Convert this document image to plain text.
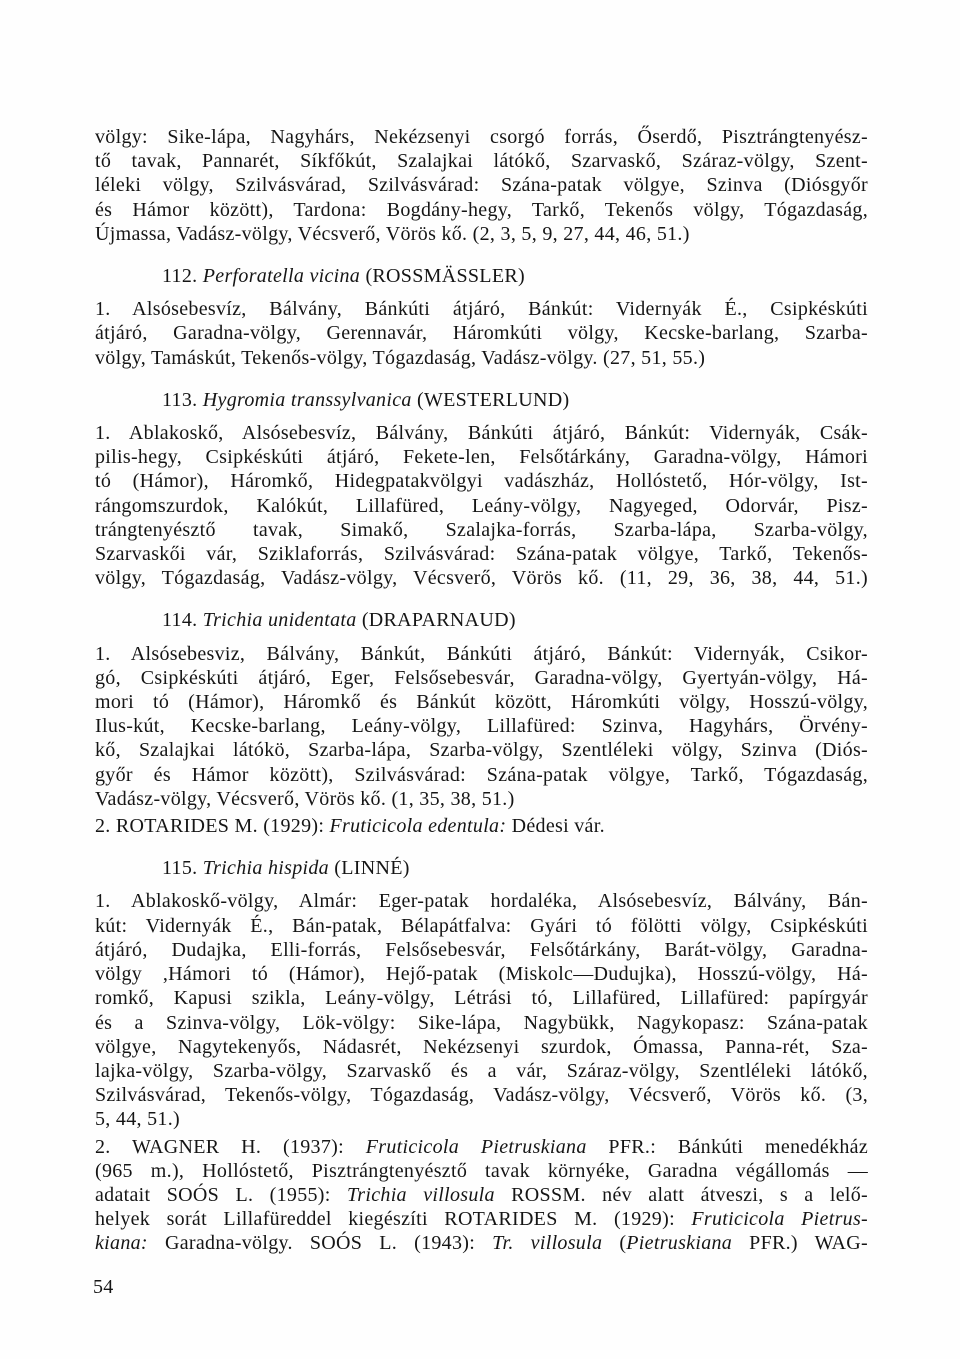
völgy: Sike-lápa, Nagyhárs, Nekézsenyi csorgó forrás, Őserdő, Pisztrángtenyész-
tő tavak, Pannarét, Síkfőkút, Szalajkai látókő, Szarvaskő, Száraz-völgy, Szent-
léleki völgy, Szilvásvárad, Szilvásvárad: Szána-patak völgye, Szinva (Diósgyőr
és Hámor között), Tardona: Bogdány-hegy, Tarkő, Tekenős völgy, Tógazdaság,
Újmassa, Vadász-völgy, Vécsverő, Vörös kő. (2, 3, 5, 9, 27, 44, 46, 51.)
112. Perforatella vicina (ROSSMÄSSLER)
1. Alsósebesvíz, Bálvány, Bánkúti átjáró, Bánkút: Vidernyák É., Csipkéskúti
átjáró, Garadna-völgy, Gerennavár, Háromkúti völgy, Kecske-barlang, Szarba-
völgy, Tamáskút, Tekenős-völgy, Tógazdaság, Vadász-völgy. (27, 51, 55.)
113. Hygromia transsylvanica (WESTERLUND)
1. Ablakoskő, Alsósebesvíz, Bálvány, Bánkúti átjáró, Bánkút: Vidernyák, Csák-
pilis-hegy, Csipkéskúti átjáró, Fekete-len, Felsőtárkány, Garadna-völgy, Hámori
tó (Hámor), Háromkő, Hidegpatakvölgyi vadászház, Hollóstető, Hór-völgy, Ist-
rángomszurdok, Kalókút, Lillafüred, Leány-völgy, Nagyeged, Odorvár, Pisz-
trángtenyésztő tavak, Simakő, Szalajka-forrás, Szarba-lápa, Szarba-völgy,
Szarvaskői vár, Sziklaforrás, Szilvásvárad: Szána-patak völgye, Tarkő, Tekenős-
völgy, Tógazdaság, Vadász-völgy, Vécsverő, Vörös kő. (11, 29, 36, 38, 44, 51.)
114. Trichia unidentata (DRAPARNAUD)
1. Alsósebesviz, Bálvány, Bánkút, Bánkúti átjáró, Bánkút: Vidernyák, Csikor-
gó, Csipkéskúti átjáró, Eger, Felsősebesvár, Garadna-völgy, Gyertyán-völgy, Há-
mori tó (Hámor), Háromkő és Bánkút között, Háromkúti völgy, Hosszú-völgy,
Ilus-kút, Kecske-barlang, Leány-völgy, Lillafüred: Szinva, Hagyhárs, Örvény-
kő, Szalajkai látókö, Szarba-lápa, Szarba-völgy, Szentléleki völgy, Szinva (Diós-
győr és Hámor között), Szilvásvárad: Szána-patak völgye, Tarkő, Tógazdaság,
Vadász-völgy, Vécsverő, Vörös kő. (1, 35, 38, 51.)
2. ROTARIDES M. (1929): Fruticicola edentula: Dédesi vár.
115. Trichia hispida (LINNÉ)
1. Ablakoskő-völgy, Almár: Eger-patak hordaléka, Alsósebesvíz, Bálvány, Bán-
kút: Vidernyák É., Bán-patak, Bélapátfalva: Gyári tó fölötti völgy, Csipkéskúti
átjáró, Dudajka, Elli-forrás, Felsősebesvár, Felsőtárkány, Barát-völgy, Garadna-
völgy ,Hámori tó (Hámor), Hejő-patak (Miskolc—Dudujka), Hosszú-völgy, Há-
romkő, Kapusi szikla, Leány-völgy, Létrási tó, Lillafüred, Lillafüred: papírgyár
és a Szinva-völgy, Lök-völgy: Sike-lápa, Nagybükk, Nagykopasz: Szána-patak
völgye, Nagytekenyős, Nádasrét, Nekézsenyi szurdok, Ómassa, Panna-rét, Sza-
lajka-völgy, Szarba-völgy, Szarvaskő és a vár, Száraz-völgy, Szentléleki látókő,
Szilvásvárad, Tekenős-völgy, Tógazdaság, Vadász-völgy, Vécsverő, Vörös kő. (3,
5, 44, 51.)
2. WAGNER H. (1937): Fruticicola Pietruskiana PFR.: Bánkúti menedékház
(965 m.), Hollóstető, Pisztrángtenyésztő tavak környéke, Garadna végállomás —
adatait SOÓS L. (1955): Trichia villosula ROSSM. név alatt átveszi, s a lelő-
helyek sorát Lillafüreddel kiegészíti ROTARIDES M. (1929): Fruticicola Pietrus-
kiana: Garadna-völgy. SOÓS L. (1943): Tr. villosula (Pietruskiana PFR.) WAG-
54
